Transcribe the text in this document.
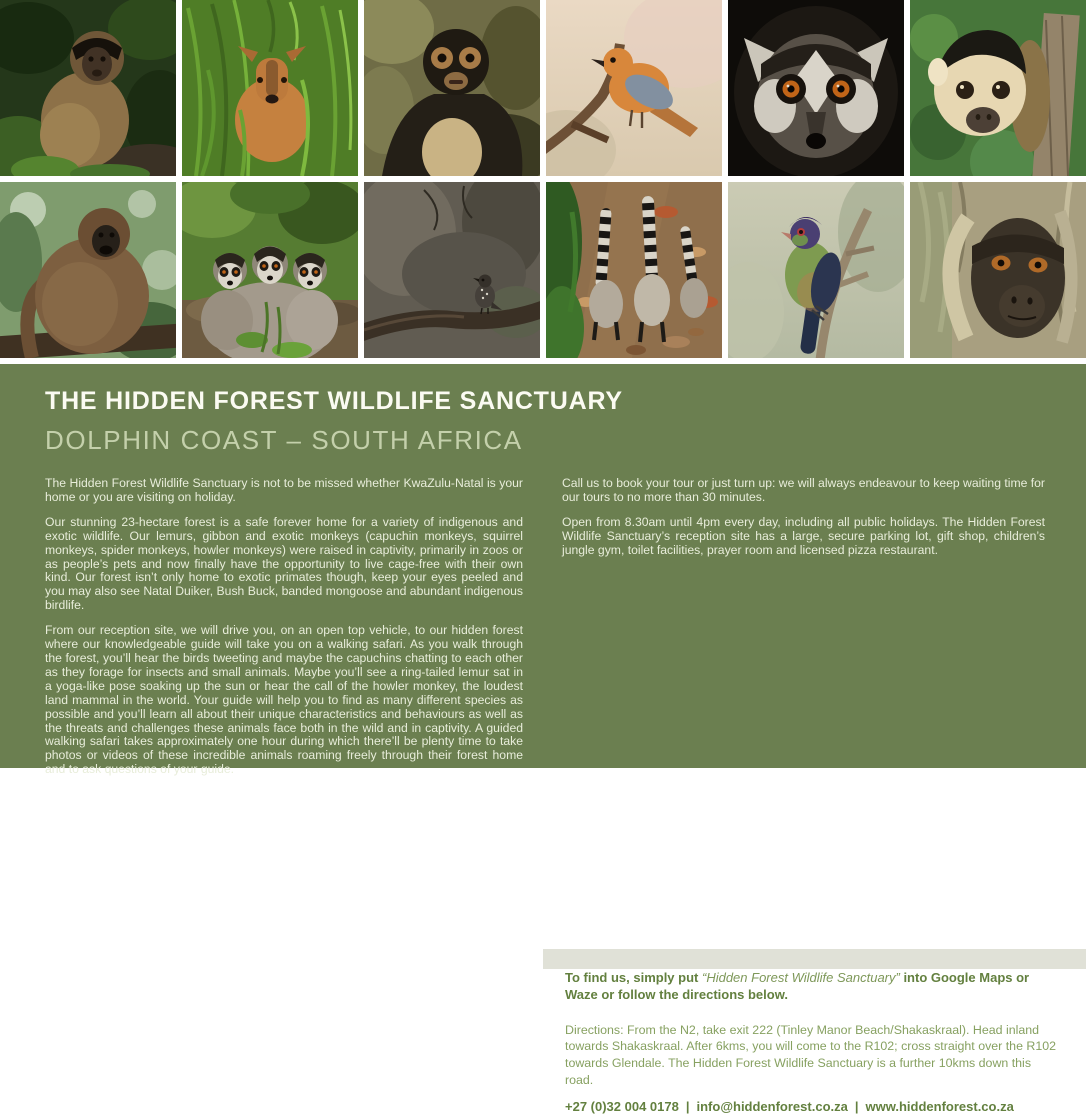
THE HIDDEN FOREST WILDLIFE SANCTUARY
DOLPHIN COAST – SOUTH AFRICA

The Hidden Forest Wildlife Sanctuary is not to be missed whether KwaZulu-Natal is your home or you are visiting on holiday.

Our stunning 23-hectare forest is a safe forever home for a variety of indigenous and exotic wildlife. Our lemurs, gibbon and exotic monkeys (capuchin monkeys, squirrel monkeys, spider monkeys, howler monkeys) were raised in captivity, primarily in zoos or as people’s pets and now finally have the opportunity to live cage-free with their own kind. Our forest isn’t only home to exotic primates though, keep your eyes peeled and you may also see Natal Duiker, Bush Buck, banded mongoose and abundant indigenous birdlife.

From our reception site, we will drive you, on an open top vehicle, to our hidden forest where our knowledgeable guide will take you on a walking safari. As you walk through the forest, you’ll hear the birds tweeting and maybe the capuchins chatting to each other as they forage for insects and small animals. Maybe you’ll see a ring-tailed lemur sat in a yoga-like pose soaking up the sun or hear the call of the howler monkey, the loudest land mammal in the world. Your guide will help you to find as many different species as possible and you’ll learn all about their unique characteristics and behaviours as well as the threats and challenges these animals face both in the wild and in captivity. A guided walking safari takes approximately one hour during which there’ll be plenty time to take photos or videos of these incredible animals roaming freely through their forest home and to ask questions of your guide.

Call us to book your tour or just turn up: we will always endeavour to keep waiting time for our tours to no more than 30 minutes.

Open from 8.30am until 4pm every day, including all public holidays. The Hidden Forest Wildlife Sanctuary’s reception site has a large, secure parking lot, gift shop, children’s jungle gym, toilet facilities, prayer room and licensed pizza restaurant.

To find us, simply put “Hidden Forest Wildlife Sanctuary” into Google Maps or Waze or follow the directions below.

Directions: From the N2, take exit 222 (Tinley Manor Beach/Shakaskraal). Head inland towards Shakaskraal. After 6kms, you will come to the R102; cross straight over the R102 towards Glendale. The Hidden Forest Wildlife Sanctuary is a further 10kms down this road.

+27 (0)32 004 0178 | info@hiddenforest.co.za | www.hiddenforest.co.za
